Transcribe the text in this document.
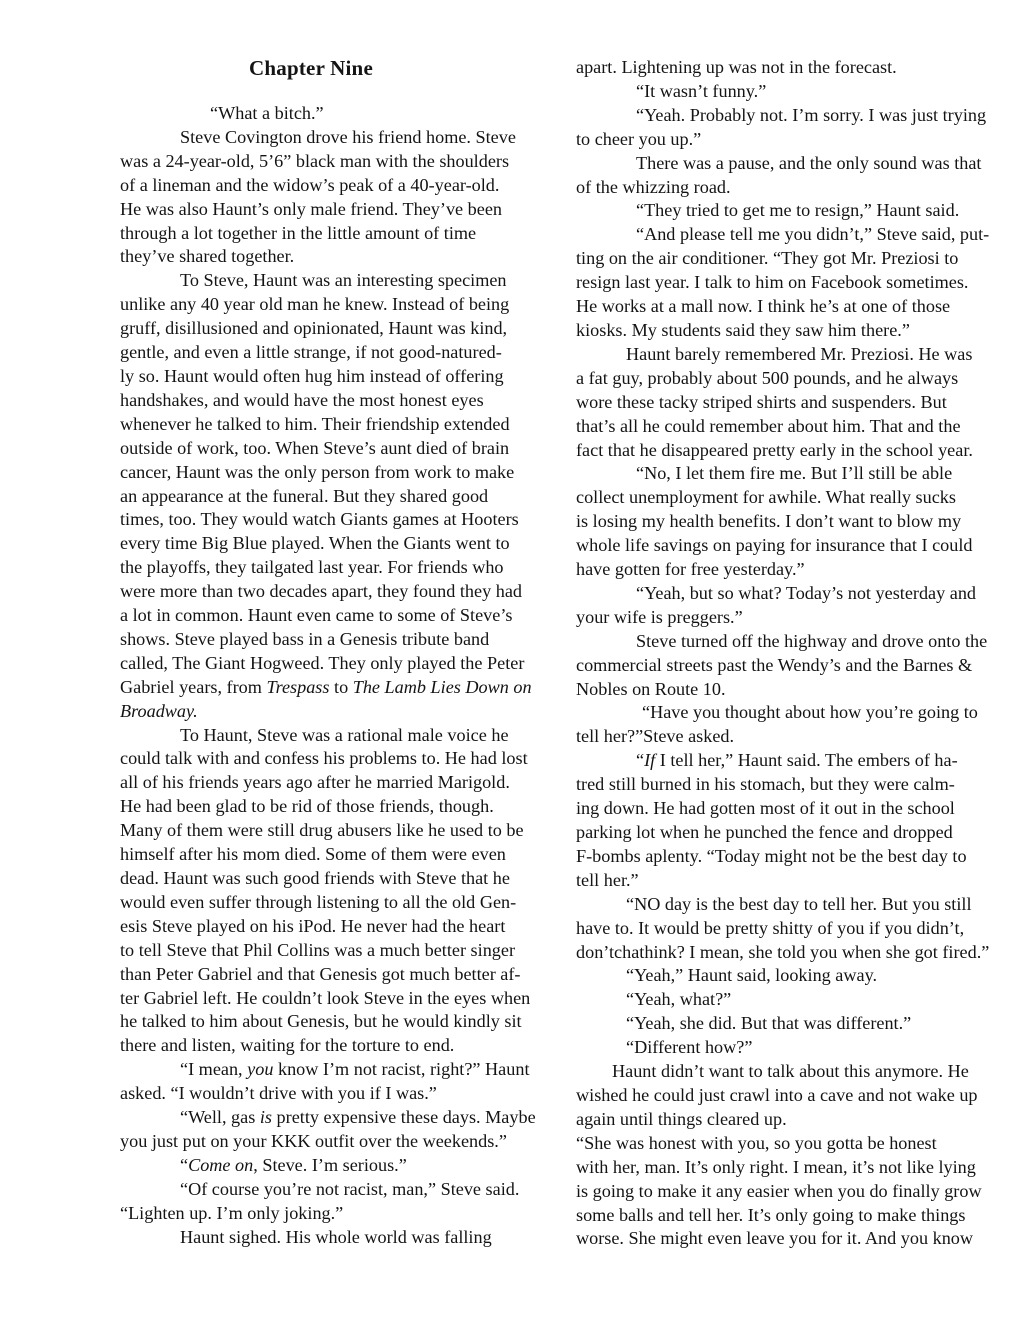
Chapter Nine
“What a bitch.”
Steve Covington drove his friend home. Steve
was a 24-year-old, 5’6” black man with the shoulders
of a lineman and the widow’s peak of a 40-year-old.
He was also Haunt’s only male friend. They’ve been
through a lot together in the little amount of time
they’ve shared together.
To Steve, Haunt was an interesting specimen
unlike any 40 year old man he knew. Instead of being
gruff, disillusioned and opinionated, Haunt was kind,
gentle, and even a little strange, if not good-natured-
ly so. Haunt would often hug him instead of offering
handshakes, and would have the most honest eyes
whenever he talked to him. Their friendship extended
outside of work, too. When Steve’s aunt died of brain
cancer, Haunt was the only person from work to make
an appearance at the funeral. But they shared good
times, too. They would watch Giants games at Hooters
every time Big Blue played. When the Giants went to
the playoffs, they tailgated last year. For friends who
were more than two decades apart, they found they had
a lot in common. Haunt even came to some of Steve’s
shows. Steve played bass in a Genesis tribute band
called, The Giant Hogweed. They only played the Peter
Gabriel years, from Trespass to The Lamb Lies Down on
Broadway.
To Haunt, Steve was a rational male voice he
could talk with and confess his problems to. He had lost
all of his friends years ago after he married Marigold.
He had been glad to be rid of those friends, though.
Many of them were still drug abusers like he used to be
himself after his mom died. Some of them were even
dead. Haunt was such good friends with Steve that he
would even suffer through listening to all the old Gen-
esis Steve played on his iPod. He never had the heart
to tell Steve that Phil Collins was a much better singer
than Peter Gabriel and that Genesis got much better af-
ter Gabriel left. He couldn’t look Steve in the eyes when
he talked to him about Genesis, but he would kindly sit
there and listen, waiting for the torture to end.
“I mean, you know I’m not racist, right?” Haunt
asked. “I wouldn’t drive with you if I was.”
“Well, gas is pretty expensive these days. Maybe
you just put on your KKK outfit over the weekends.”
“Come on, Steve. I’m serious.”
“Of course you’re not racist, man,” Steve said.
“Lighten up. I’m only joking.”
Haunt sighed. His whole world was falling
apart. Lightening up was not in the forecast.
“It wasn’t funny.”
“Yeah. Probably not. I’m sorry. I was just trying
to cheer you up.”
There was a pause, and the only sound was that
of the whizzing road.
“They tried to get me to resign,” Haunt said.
“And please tell me you didn’t,” Steve said, put-
ting on the air conditioner. “They got Mr. Preziosi to
resign last year. I talk to him on Facebook sometimes.
He works at a mall now. I think he’s at one of those
kiosks. My students said they saw him there.”
Haunt barely remembered Mr. Preziosi. He was
a fat guy, probably about 500 pounds, and he always
wore these tacky striped shirts and suspenders. But
that’s all he could remember about him. That and the
fact that he disappeared pretty early in the school year.
“No, I let them fire me. But I’ll still be able
collect unemployment for awhile. What really sucks
is losing my health benefits. I don’t want to blow my
whole life savings on paying for insurance that I could
have gotten for free yesterday.”
“Yeah, but so what? Today’s not yesterday and
your wife is preggers.”
Steve turned off the highway and drove onto the
commercial streets past the Wendy’s and the Barnes &
Nobles on Route 10.
“Have you thought about how you’re going to
tell her?”Steve asked.
“If I tell her,” Haunt said. The embers of ha-
tred still burned in his stomach, but they were calm-
ing down. He had gotten most of it out in the school
parking lot when he punched the fence and dropped
F-bombs aplenty. “Today might not be the best day to
tell her.”
“NO day is the best day to tell her. But you still
have to. It would be pretty shitty of you if you didn’t,
don’tchathink? I mean, she told you when she got fired.”
“Yeah,” Haunt said, looking away.
“Yeah, what?”
“Yeah, she did. But that was different.”
“Different how?”
Haunt didn’t want to talk about this anymore. He
wished he could just crawl into a cave and not wake up
again until things cleared up.
“She was honest with you, so you gotta be honest
with her, man. It’s only right. I mean, it’s not like lying
is going to make it any easier when you do finally grow
some balls and tell her. It’s only going to make things
worse. She might even leave you for it. And you know
